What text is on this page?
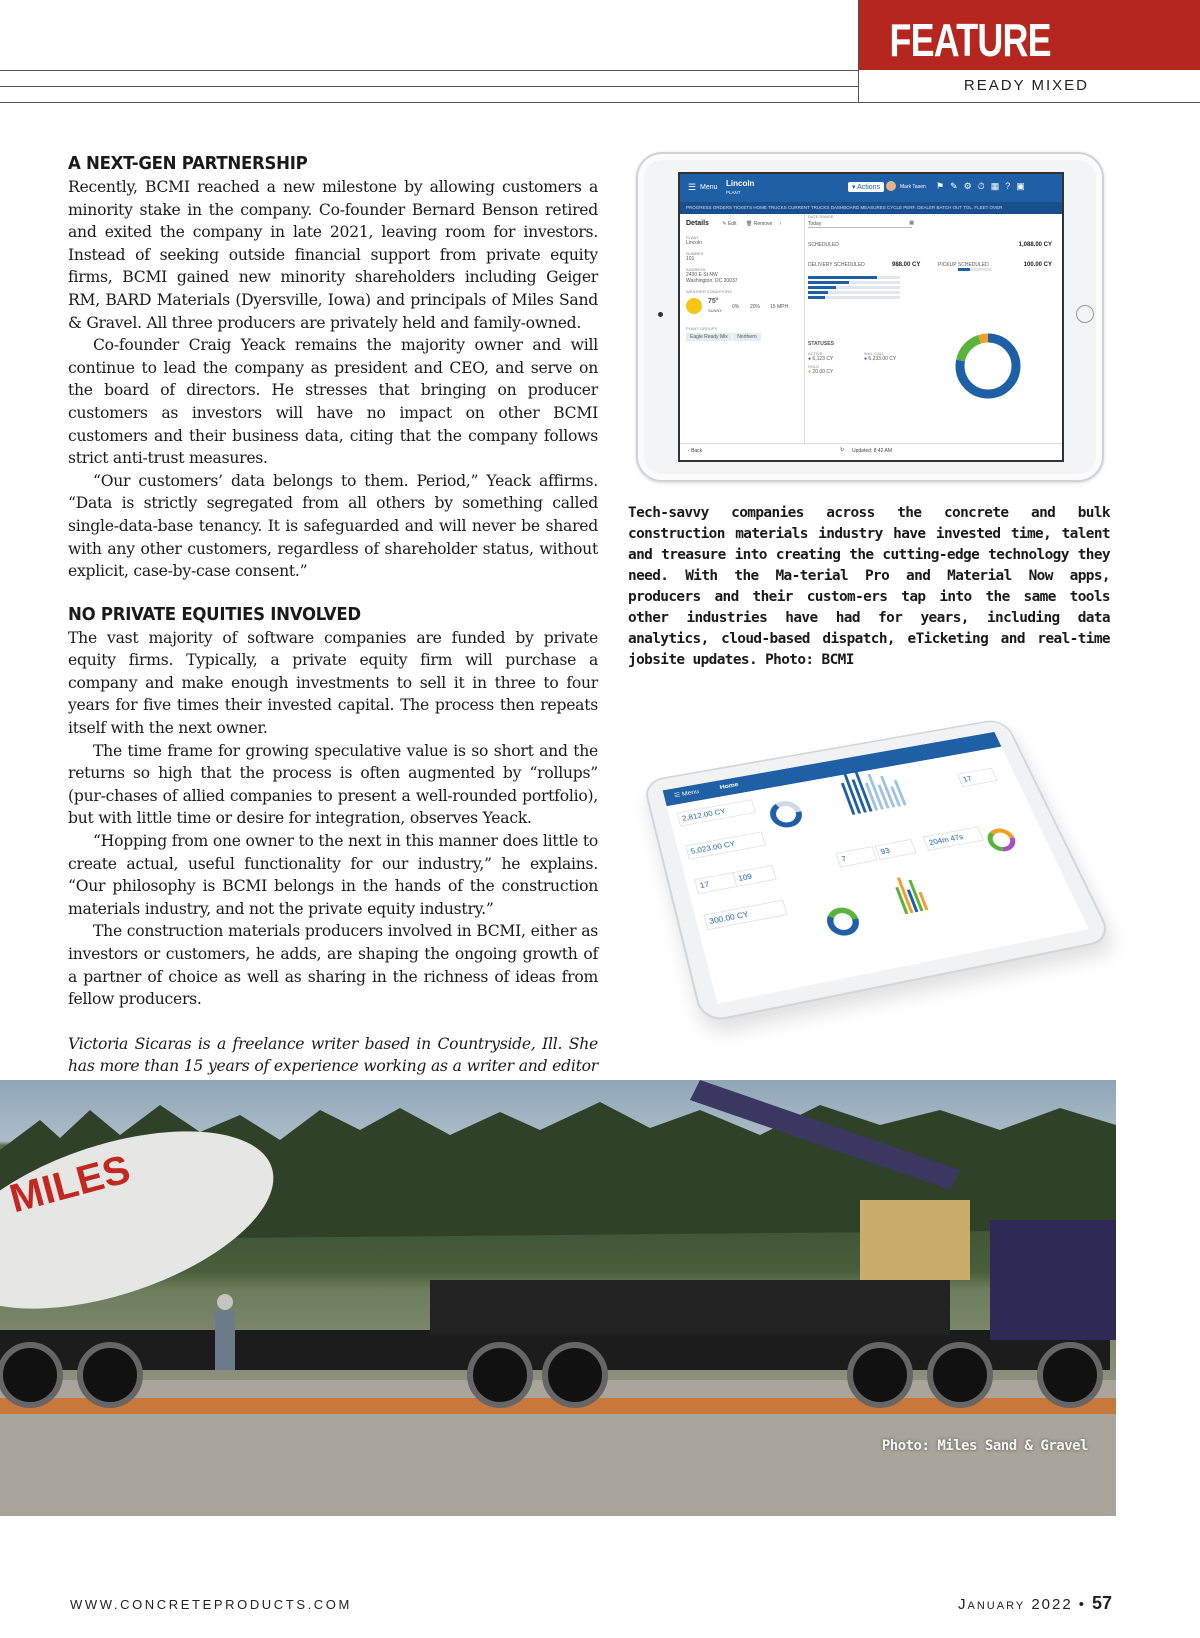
FEATURE
READY MIXED
A NEXT-GEN PARTNERSHIP

Recently, BCMI reached a new milestone by allowing customers a minority stake in the company. Co-founder Bernard Benson retired and exited the company in late 2021, leaving room for investors. Instead of seeking outside financial support from private equity firms, BCMI gained new minority shareholders including Geiger RM, BARD Materials (Dyersville, Iowa) and principals of Miles Sand & Gravel. All three producers are privately held and family-owned.

Co-founder Craig Yeack remains the majority owner and will continue to lead the company as president and CEO, and serve on the board of directors. He stresses that bringing on producer customers as investors will have no impact on other BCMI customers and their business data, citing that the company follows strict anti-trust measures.

“Our customers’ data belongs to them. Period,” Yeack affirms. “Data is strictly segregated from all others by something called single-data-base tenancy. It is safeguarded and will never be shared with any other customers, regardless of shareholder status, without explicit, case-by-case consent.”

NO PRIVATE EQUITIES INVOLVED

The vast majority of software companies are funded by private equity firms. Typically, a private equity firm will purchase a company and make enough investments to sell it in three to four years for five times their invested capital. The process then repeats itself with the next owner.

The time frame for growing speculative value is so short and the returns so high that the process is often augmented by “rollups” (pur-chases of allied companies to present a well-rounded portfolio), but with little time or desire for integration, observes Yeack.

“Hopping from one owner to the next in this manner does little to create actual, useful functionality for our industry,” he explains. “Our philosophy is BCMI belongs in the hands of the construction materials industry, and not the private equity industry.”

The construction materials producers involved in BCMI, either as investors or customers, he adds, are shaping the ongoing growth of a partner of choice as well as sharing in the richness of ideas from fellow producers.

Victoria Sicaras is a freelance writer based in Countryside, Ill. She has more than 15 years of experience working as a writer and editor

☰ Menu Lincoln
PLANT
▾ Actions	Mark Tasen ⚑✎⚙⏱▦?▣
PROGRESS ORDERS TICKETS HOME TRUCKS CURRENT TRUCKS DASHBOARD MEASURES CYCLE PERF. DEALER BATCH OUT TOL. FLEET OVER
Details	✎ Edit 🗑 Remove ‹
PLANT
Lincoln
NUMBER
101
ADDRESS
2430 E St NW Washington, DC 20037
WEATHER CONDITIONS
75°
SUNNY
0% 20% 15 MPH
PLANT GROUPS
Eagle Ready Mix Northern
DATE RANGE
Today	▦
SCHEDULED	1,088.00 CY
DELIVERY SCHEDULED	988.00 CY	PICKUP SCHEDULED	100.00 CY
STATUSES
ACTIVE
● 6,123 CY
HOLD
● 20.00 CY
WILL CALL
● 6,233.00 CY
‹ Back	↻ Updated: 8:42 AM
Tech-savvy companies across the concrete and bulk construction materials industry have invested time, talent and treasure into creating the cutting-edge technology they need. With the Ma-terial Pro and Material Now apps, producers and their custom-ers tap into the same tools other industries have had for years, including data analytics, cloud-based dispatch, eTicketing and real-time jobsite updates. Photo: BCMI
☰ Menu Home
2,812.00 CY
5,023.00 CY
17
300.00 CY
109
7
93
17
204m 47s
MILES
Photo: Miles Sand & Gravel
WWW.CONCRETEPRODUCTS.COM	January 2022 • 57
